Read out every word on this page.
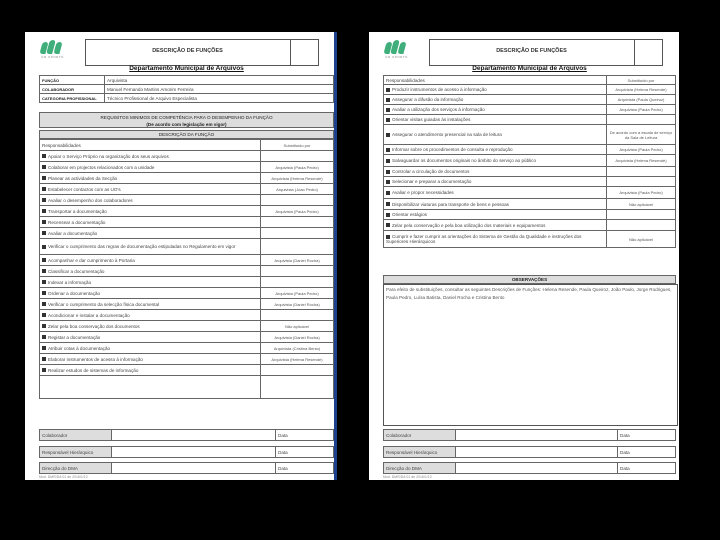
CM OPORTO
DESCRIÇÃO DE FUNÇÕES
Departamento Municipal de Arquivos
FUNÇÃO	Arquivista
COLABORADOR	Manuel Fernando Martins Amorim Ferreira
CATEGORIA PROFISSIONAL	Técnico Profissional de Arquivo Especialista
REQUISITOS MINIMOS DE COMPETÊNCIA PARA O DESEMPENHO DA FUNÇÃO
(De acordo com legislação em vigor)
DESCRIÇÃO DA FUNÇÃO
Responsabilidades	Substituído por
Apoiar o Serviço Próprio na organização dos seus arquivos	
Colaborar em projectos relacionados com a unidade	Arquivista (Paula Pedro)
Planear as actividades da Secção	Arquivista (Helena Resende)
Estabelecer contactos com as UO's	Arquivista (Joao Pedro)
Avaliar o desempenho dos colaboradores	
Transportar a documentação	Arquivista (Paula Pedro)
Recensear a documentação	
Avaliar a documentação	
Verificar o cumprimento das regras de documentação estipuladas no Regulamento em vigor	
Acompanhar e dar cumprimento à Portaria	Arquivista (Daniel Rocha)
Classificar a documentação	
Indexar a informação	
Ordenar a documentação	Arquivista (Paula Pedro)
Verificar o cumprimento da selecção física documental	Arquivista (Daniel Rocha)
Acondicionar e instalar a documentação	
Zelar pela boa conservação dos documentos	Não aplicável
Registar a documentação	Arquivista (Daniel Rocha)
Atribuir cotas à documentação	Arquivista (Cristina Bento)
Elaborar instrumentos de acesso à informação	Arquivista (Helena Resende)
Realizar estudos de sistemas de informação	

Colaborador	Data
Responsável Hierárquico	Data
Direcção do DMA	Data
Mod. DMR/DA 01 de 2016/1/12
CM OPORTO
DESCRIÇÃO DE FUNÇÕES
Departamento Municipal de Arquivos
Responsabilidades	Substituído por
Produzir instrumentos de acesso à informação	Arquivista (Helena Resende)
Assegurar a difusão da informação	Arquivista (Paula Queiroz)
Avaliar a utilização dos serviços à informação	Arquivista (Paula Pedro)
Orientar visitas guiadas às instalações	
Assegurar o atendimento presencial na sala de leitura	De acordo com a escala de serviço da Sala de Leitura
Informar sobre os procedimentos de consulta e reprodução	Arquivista (Paula Pedro)
Salvaguardar os documentos originais no âmbito do serviço ao público	Arquivista (Helena Resende)
Controlar a circulação de documentos	
Selecionar e preparar a documentação	
Avaliar e propor necessidades	Arquivista (Paula Pedro)
Disponibilizar viaturas para transporte de bens e pessoas	Não aplicável
Orientar estágios	
Zelar pela conservação e pela boa utilização dos materiais e equipamentos	
Cumprir e fazer cumprir as orientações do Sistema de Gestão da Qualidade e instruções dos Superiores Hierárquicos	Não aplicável
OBSERVAÇÕES
Para efeito de substituições, consultar as seguintes Descrições de Funções: Helena Resende, Paula Queiroz, João Paulo, Jorge Rodrigues, Paula Pedro, Luísa Batista, Daniel Rocha e Cristina Bento
Colaborador	Data
Responsável Hierárquico	Data
Direcção do DMA	Data
Mod. DMR/DA 01 de 2016/1/12
